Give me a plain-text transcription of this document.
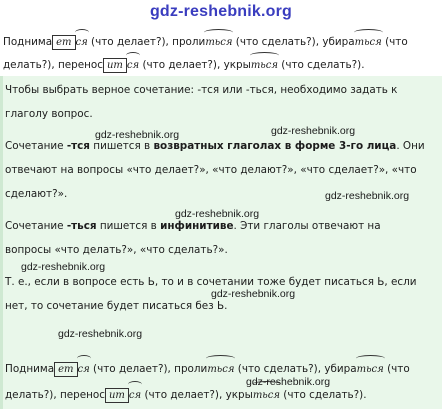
gdz-reshebnik.org
Поднима ет ся (что делает?), пролиться (что сделать?), убираться (что
делать?), перенос ит ся (что делает?), укрыться (что сделать?).
Чтобы выбрать верное сочетание: -тся или -ться, необходимо задать к
глаголу вопрос.
Сочетание -тся пишется в возвратных глаголах в форме 3-го лица. Они
отвечают на вопросы «что делает?», «что делают?», «что сделает?», «что
сделают?».
Сочетание -ться пишется в инфинитиве. Эти глаголы отвечают на
вопросы «что делать?», «что сделать?».
Т. е., если в вопросе есть Ь, то и в сочетании тоже будет писаться Ь, если
нет, то сочетание будет писаться без Ь.
Поднима ет ся (что делает?), пролиться (что сделать?), убираться (что
делать?), перенос ит ся (что делает?), укрыться (что сделать?).
gdz-reshebnik.org	gdz-reshebnik.org
gdz-reshebnik.org
gdz-reshebnik.org
gdz-reshebnik.org
gdz-reshebnik.org
gdz-reshebnik.org
gdz-reshebnik.org
